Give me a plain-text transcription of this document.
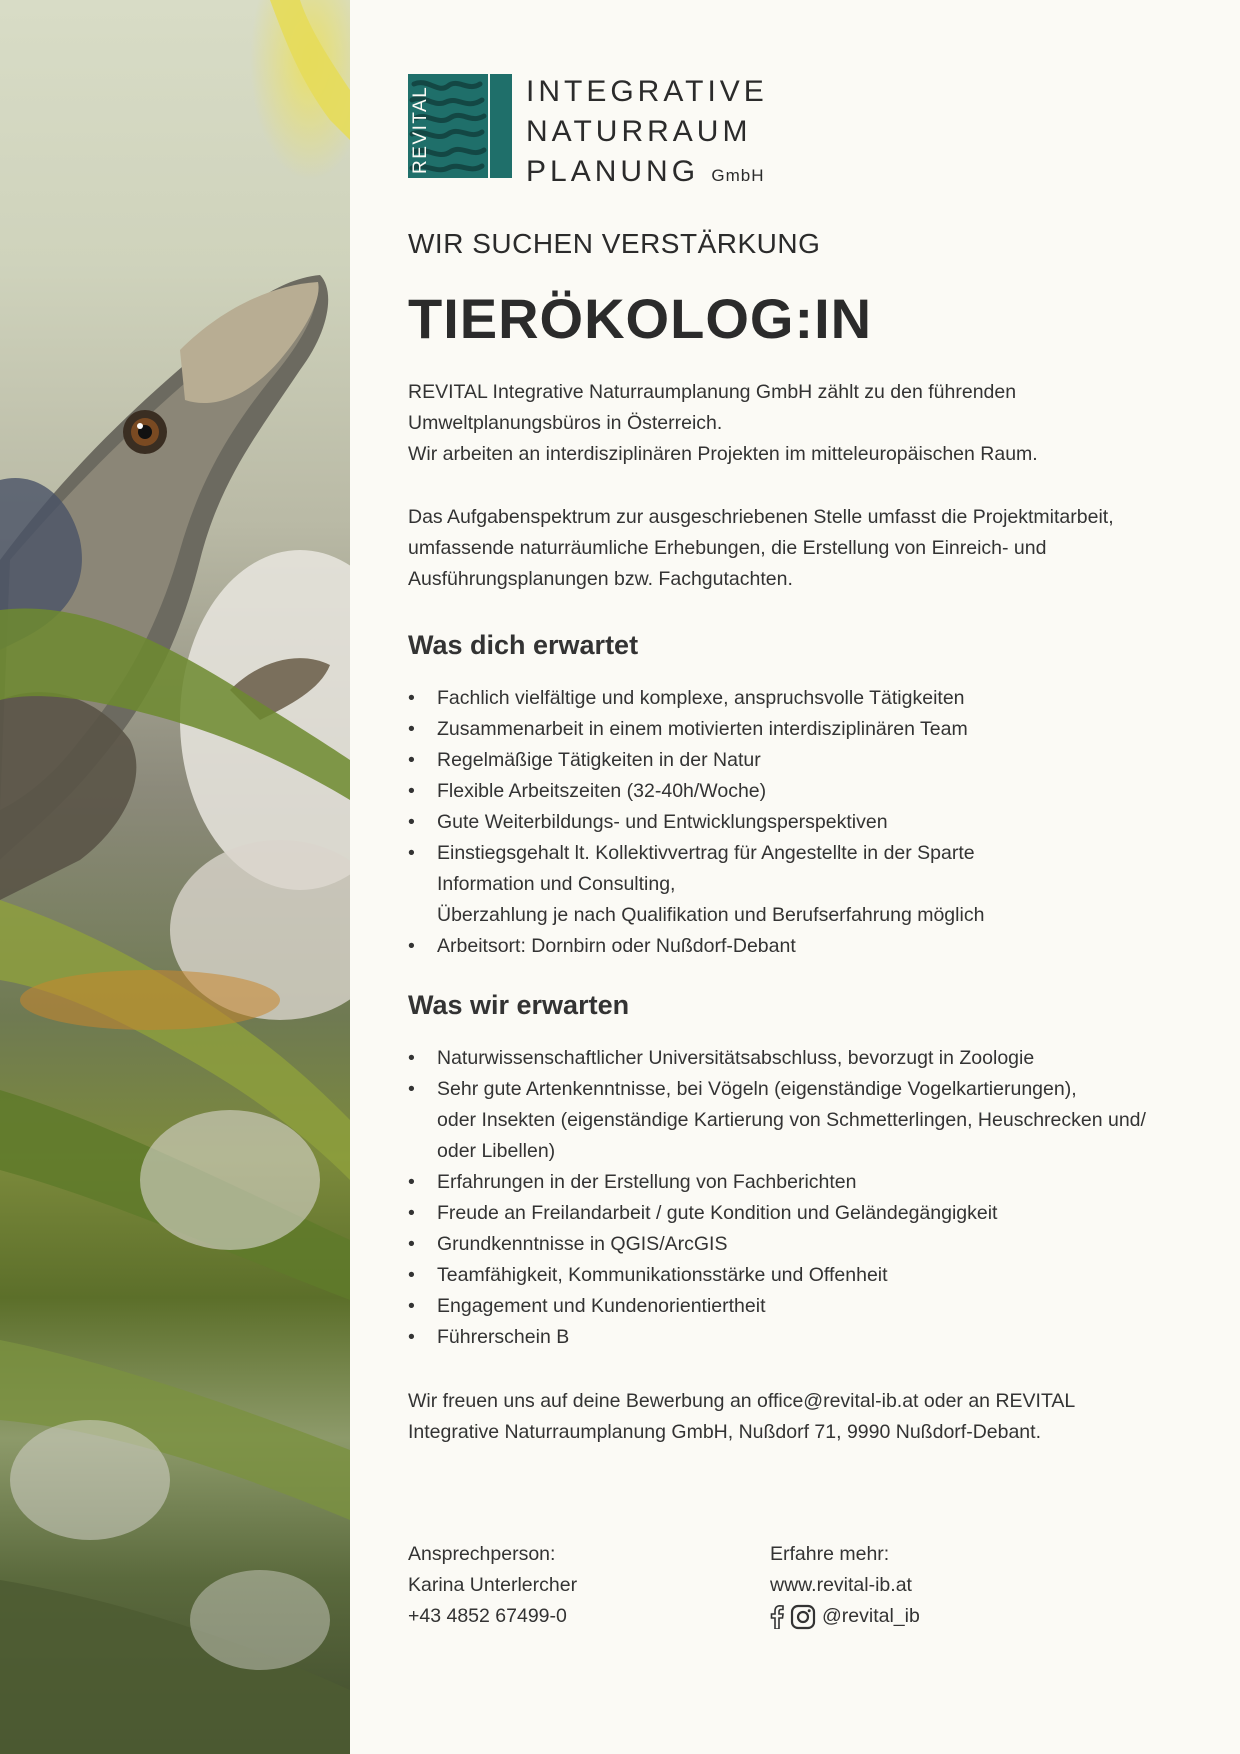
REVITAL	INTEGRATIVE
NATURRAUM
PLANUNG GmbH
WIR SUCHEN VERSTÄRKUNG
TIERÖKOLOG:IN
REVITAL Integrative Naturraumplanung GmbH zählt zu den führenden
Umweltplanungsbüros in Österreich.
Wir arbeiten an interdisziplinären Projekten im mitteleuropäischen Raum.
Das Aufgabenspektrum zur ausgeschriebenen Stelle umfasst die Projektmitarbeit,
umfassende naturräumliche Erhebungen, die Erstellung von Einreich- und
Ausführungsplanungen bzw. Fachgutachten.
Was dich erwartet
• Fachlich vielfältige und komplexe, anspruchsvolle Tätigkeiten
• Zusammenarbeit in einem motivierten interdisziplinären Team
• Regelmäßige Tätigkeiten in der Natur
• Flexible Arbeitszeiten (32-40h/Woche)
• Gute Weiterbildungs- und Entwicklungsperspektiven
• Einstiegsgehalt lt. Kollektivvertrag für Angestellte in der Sparte
Information und Consulting,
Überzahlung je nach Qualifikation und Berufserfahrung möglich
• Arbeitsort: Dornbirn oder Nußdorf-Debant
Was wir erwarten
• Naturwissenschaftlicher Universitätsabschluss, bevorzugt in Zoologie
• Sehr gute Artenkenntnisse, bei Vögeln (eigenständige Vogelkartierungen),
oder Insekten (eigenständige Kartierung von Schmetterlingen, Heuschrecken und/
oder Libellen)
• Erfahrungen in der Erstellung von Fachberichten
• Freude an Freilandarbeit / gute Kondition und Geländegängigkeit
• Grundkenntnisse in QGIS/ArcGIS
• Teamfähigkeit, Kommunikationsstärke und Offenheit
• Engagement und Kundenorientiertheit
• Führerschein B
Wir freuen uns auf deine Bewerbung an office@revital-ib.at oder an REVITAL
Integrative Naturraumplanung GmbH, Nußdorf 71, 9990 Nußdorf-Debant.
Ansprechperson:
Karina Unterlercher
+43 4852 67499-0
Erfahre mehr:
www.revital-ib.at
@revital_ib
